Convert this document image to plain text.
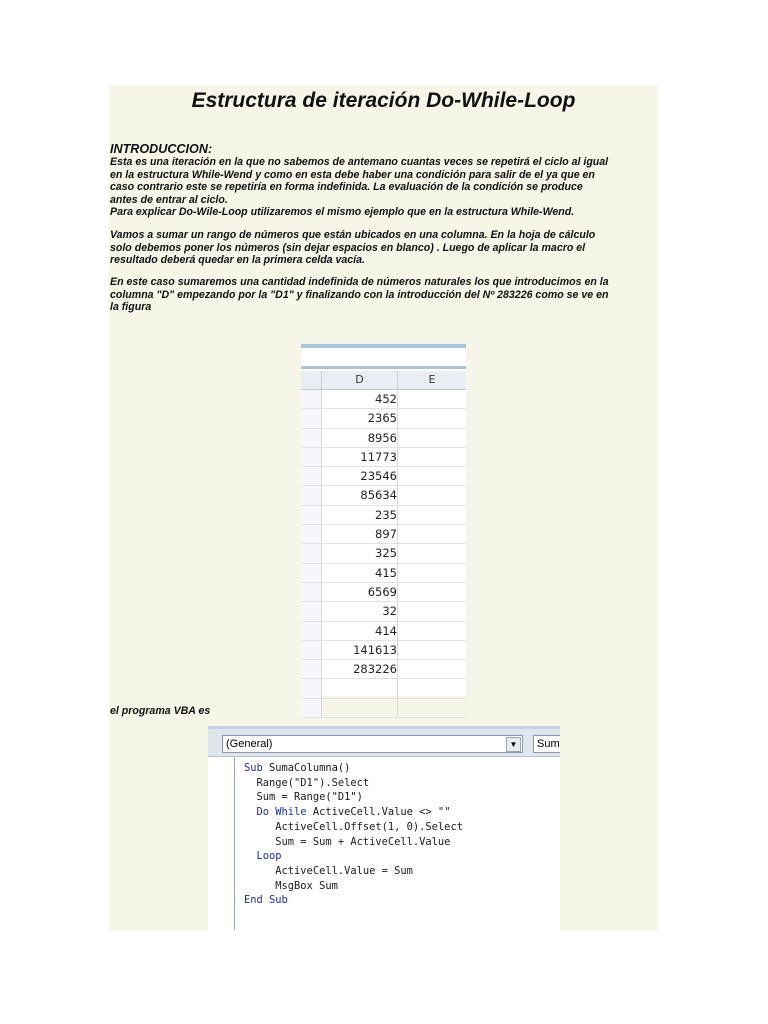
Estructura de iteración Do-While-Loop
INTRODUCCION:
Esta es una iteración en la que no sabemos de antemano cuantas veces se repetirá el ciclo al igual
en la estructura While-Wend y como en esta debe haber una condición para salir de el ya que en
caso contrario este se repetiría en forma indefinida. La evaluación de la condición se produce
antes de entrar al ciclo.
Para explicar Do-Wile-Loop utilizaremos el mismo ejemplo que en la estructura While-Wend.
Vamos a sumar un rango de números que están ubicados en una columna. En la hoja de cálculo
solo debemos poner los números (sin dejar espacios en blanco) . Luego de aplicar la macro el
resultado deberá quedar en la primera celda vacía.
En este caso sumaremos una cantidad indefinida de números naturales los que introducimos en la
columna "D" empezando por la "D1" y finalizando con la introducción del Nº 283226 como se ve en
la figura
D	E
452
2365
8956
11773
23546
85634
235
897
325
415
6569
32
414
141613
283226
el programa VBA es
(General)	▼	Sum
Sub SumaColumna()
Range("D1").Select
Sum = Range("D1")
Do While ActiveCell.Value <> ""
ActiveCell.Offset(1, 0).Select
Sum = Sum + ActiveCell.Value
Loop
ActiveCell.Value = Sum
MsgBox Sum
End Sub
